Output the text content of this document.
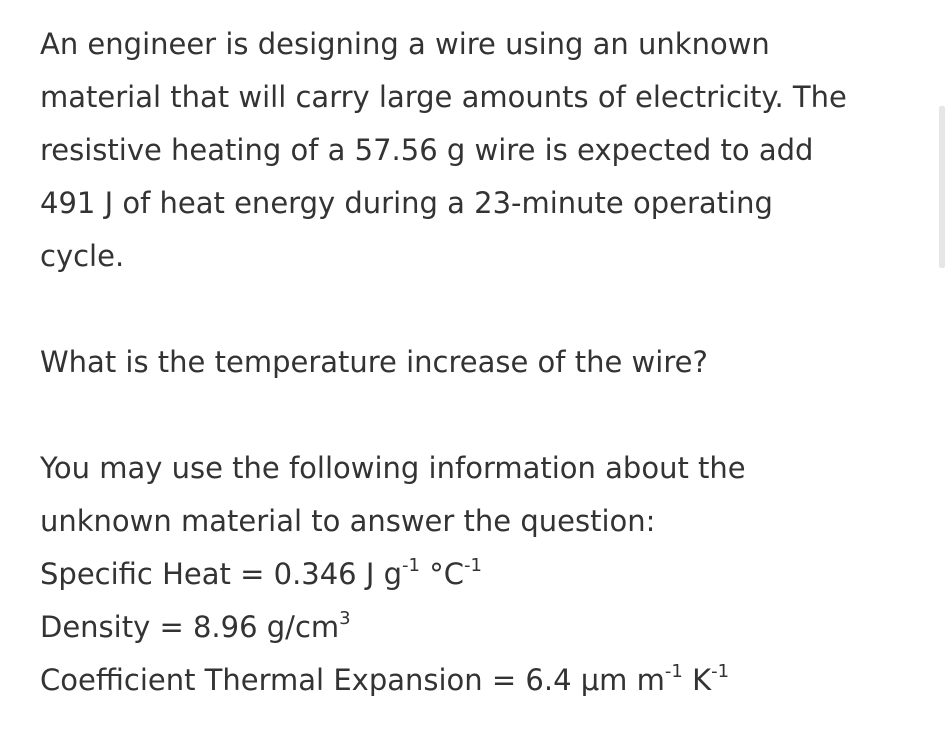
An engineer is designing a wire using an unknown

material that will carry large amounts of electricity. The

resistive heating of a 57.56 g wire is expected to add

491 J of heat energy during a 23-minute operating

cycle.

What is the temperature increase of the wire?

You may use the following information about the

unknown material to answer the question:

Specific Heat = 0.346 J $g^{-1}$ $^\circ C^{-1}$

Density = 8.96 $g/cm^3$

Coefficient Thermal Expansion = 6.4 μm $m^{-1}$ $K^{-1}$
